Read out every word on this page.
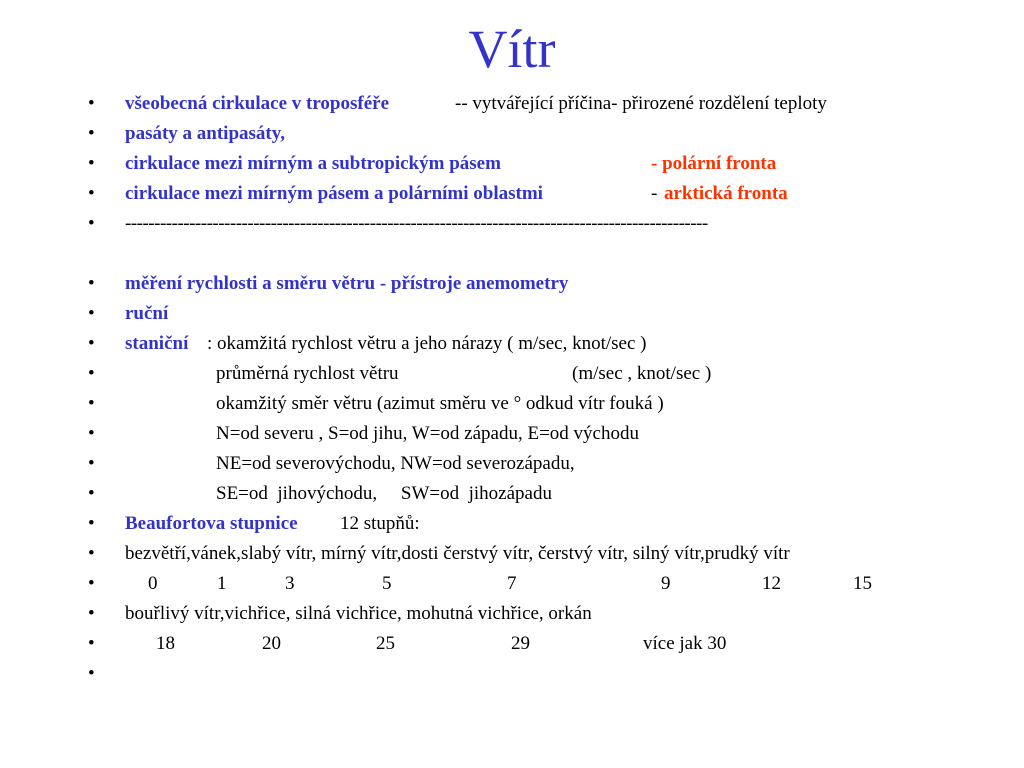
Vítr
• všeobecná cirkulace v troposféře	-- vytvářející příčina- přirozené rozdělení teploty
• pasáty a antipasáty,
• cirkulace mezi mírným a subtropickým pásem	- polární fronta
• cirkulace mezi mírným pásem a polárními oblastmi	- arktická fronta
• ----------------------------------------------------------------------------------------------------
• měření rychlosti a směru větru - přístroje anemometry
• ruční
• staniční : okamžitá rychlost větru a jeho nárazy ( m/sec, knot/sec )
•	průměrná rychlost větru	(m/sec , knot/sec )
•	okamžitý směr větru (azimut směru ve ° odkud vítr fouká )
•	N=od severu , S=od jihu, W=od západu, E=od východu
•	NE=od severovýchodu, NW=od severozápadu,
•	SE=od  jihovýchodu,     SW=od  jihozápadu
• Beaufortova stupnice 12 stupňů:
• bezvětří,vánek,slabý vítr, mírný vítr,dosti čerstvý vítr, čerstvý vítr, silný vítr,prudký vítr
•	0	1	3	5	7	9	12	15
• bouřlivý vítr,vichřice, silná vichřice, mohutná vichřice, orkán
•	18	20	25	29	více jak 30
•
